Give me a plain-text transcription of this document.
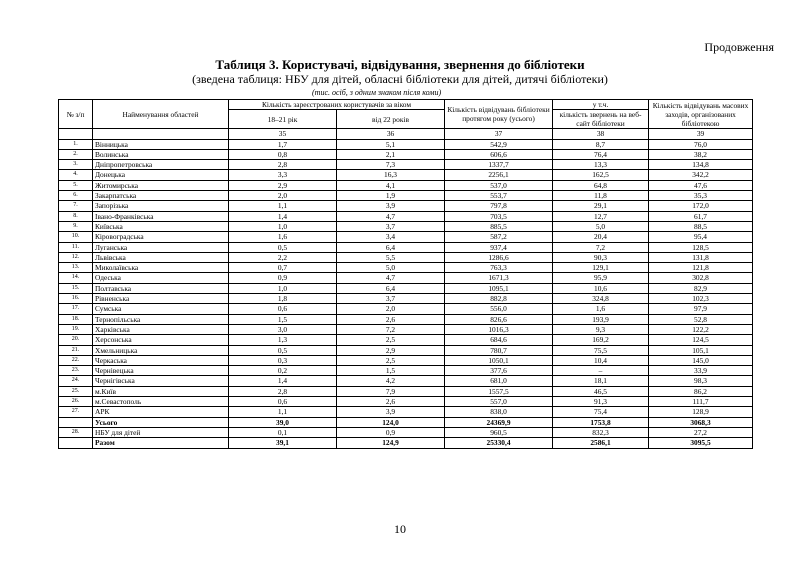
Продовження
Таблиця 3. Користувачі, відвідування, звернення до бібліотеки
(зведена таблиця: НБУ для дітей, обласні бібліотеки для дітей, дитячі бібліотеки)
(тис. осіб, з одним знаком після коми)
№ з/п	Найменування областей	Кількість зареєстрованих користувачів за віком		Кількість відвідувань бібліотеки протягом року (усього)	у т.ч.	Кількість відвідувань масових заходів, організованих бібліотекою
		18–21 рік	від 22 років		кількість звернень на веб-сайт бібліотеки	
		35	36	37	38	39
1.	Вінницька	1,7	5,1	542,9	8,7	76,0
2.	Волинська	0,8	2,1	606,6	76,4	38,2
3.	Дніпропетровська	2,8	7,3	1337,7	13,3	134,8
4.	Донецька	3,3	16,3	2256,1	162,5	342,2
5.	Житомирська	2,9	4,1	537,0	64,8	47,6
6.	Закарпатська	2,0	1,9	553,7	11,8	35,3
7.	Запорізька	1,1	3,9	797,8	29,1	172,0
8.	Івано-Франківська	1,4	4,7	703,5	12,7	61,7
9.	Київська	1,0	3,7	885,5	5,0	88,5
10.	Кіровоградська	1,6	3,4	587,2	20,4	95,4
11.	Луганська	0,5	6,4	937,4	7,2	128,5
12.	Львівська	2,2	5,5	1286,6	90,3	131,8
13.	Миколаївська	0,7	5,0	763,3	129,1	121,8
14.	Одеська	0,9	4,7	1671,3	95,9	302,8
15.	Полтавська	1,0	6,4	1095,1	10,6	82,9
16.	Рівненська	1,8	3,7	882,8	324,8	102,3
17.	Сумська	0,6	2,0	556,0	1,6	97,9
18.	Тернопільська	1,5	2,6	826,6	193,9	52,8
19.	Харківська	3,0	7,2	1016,3	9,3	122,2
20.	Херсонська	1,3	2,5	684,6	169,2	124,5
21.	Хмельницька	0,5	2,9	780,7	75,5	105,1
22.	Черкаська	0,3	2,5	1050,1	10,4	145,0
23.	Чернівецька	0,2	1,5	377,6	–	33,9
24.	Чернігівська	1,4	4,2	681,0	18,1	98,3
25.	м.Київ	2,8	7,9	1557,5	46,5	86,2
26.	м.Севастополь	0,6	2,6	557,0	91,3	111,7
27.	АРК	1,1	3,9	838,0	75,4	128,9
	Усього	39,0	124,0	24369,9	1753,8	3068,3
28.	НБУ для дітей	0,1	0,9	960,5	832,3	27,2
	Разом	39,1	124,9	25330,4	2586,1	3095,5
10
